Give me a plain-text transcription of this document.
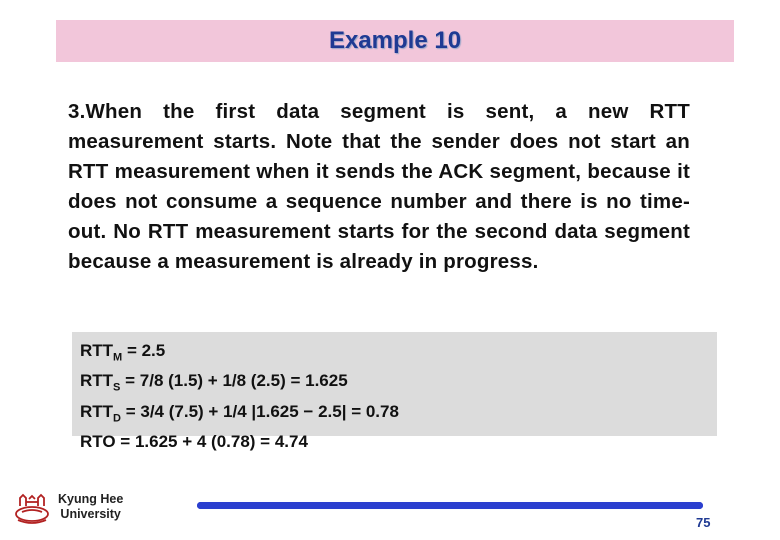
Example 10
3.When the first data segment is sent, a new RTT measurement starts. Note that the sender does not start an RTT measurement when it sends the ACK segment, because it does not consume a sequence number and there is no time-out. No RTT measurement starts for the second data segment because a measurement is already in progress.
$RTT_M = 2.5$
$RTT_S = 7/8$ (1.5) + 1/8 (2.5) = 1.625
$RTT_D = 3/4$ (7.5) + 1/4 |1.625 − 2.5| = 0.78
RTO = 1.625 + 4 (0.78) = 4.74
Kyung Hee
University
75
